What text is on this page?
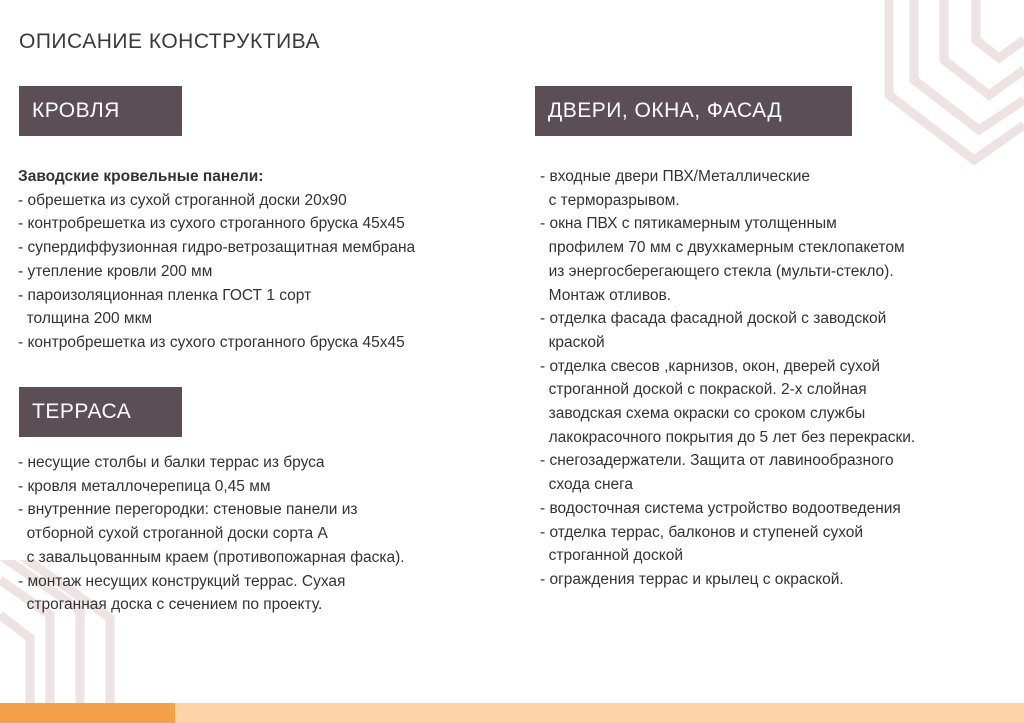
ОПИСАНИЕ КОНСТРУКТИВА
КРОВЛЯ
Заводские кровельные панели:
- обрешетка из сухой строганной доски 20х90
- контробрешетка из сухого строганного бруска 45х45
- супердиффузионная гидро-ветрозащитная мембрана
- утепление кровли 200 мм
- пароизоляционная пленка ГОСТ 1 сорт
толщина 200 мкм
- контробрешетка из сухого строганного бруска 45х45
ТЕРРАСА
- несущие столбы и балки террас из бруса
- кровля металлочерепица 0,45 мм
- внутренние перегородки: стеновые панели из
отборной сухой строганной доски сорта А
с завальцованным краем (противопожарная фаска).
- монтаж несущих конструкций террас. Сухая
строганная доска с сечением по проекту.
ДВЕРИ, ОКНА, ФАСАД
- входные двери ПВХ/Металлические
с терморазрывом.
- окна ПВХ с пятикамерным утолщенным
профилем 70 мм с двухкамерным стеклопакетом
из энергосберегающего стекла (мульти-стекло).
Монтаж отливов.
- отделка фасада фасадной доской с заводской
краской
- отделка свесов ,карнизов, окон, дверей сухой
строганной доской с покраской. 2-х слойная
заводская схема окраски со сроком службы
лакокрасочного покрытия до 5 лет без перекраски.
- снегозадержатели. Защита от лавинообразного
схода снега
- водосточная система устройство водоотведения
- отделка террас, балконов и ступеней сухой
строганной доской
- ограждения террас и крылец с окраской.
